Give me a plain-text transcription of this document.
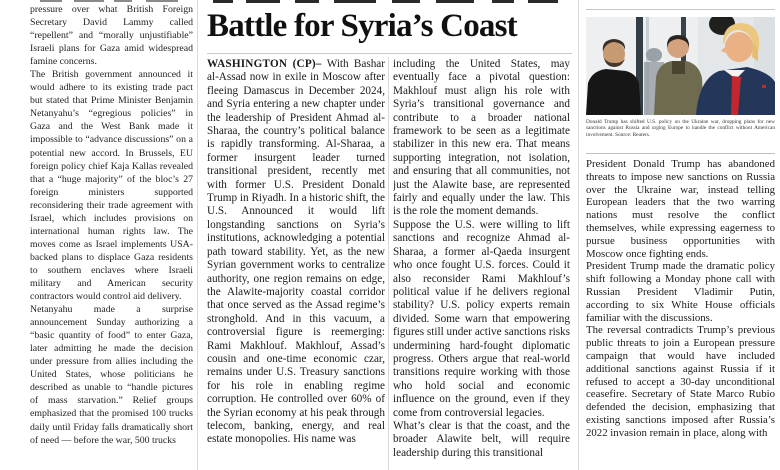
pressure over what British Foreign Secretary David Lammy called “repellent” and “morally unjustifiable” Israeli plans for Gaza amid widespread famine concerns.

The British government announced it would adhere to its existing trade pact but stated that Prime Minister Benjamin Netanyahu’s “egregious policies” in Gaza and the West Bank made it impossible to “advance discussions” on a potential new accord. In Brussels, EU foreign policy chief Kaja Kallas revealed that a “huge majority” of the bloc’s 27 foreign ministers supported reconsidering their trade agreement with Israel, which includes provisions on international human rights law. The moves come as Israel implements USA-backed plans to displace Gaza residents to southern enclaves where Israeli military and American security contractors would control aid delivery.

Netanyahu made a surprise announcement Sunday authorizing a “basic quantity of food” to enter Gaza, later admitting he made the decision under pressure from allies including the United States, whose politicians he described as unable to “handle pictures of mass starvation.” Relief groups emphasized that the promised 100 trucks daily until Friday falls dramatically short of need — before the war, 500 trucks

Battle for Syria’s Coast

WASHINGTON (CP)– With Bashar al-Assad now in exile in Moscow after fleeing Damascus in December 2024, and Syria entering a new chapter under the leadership of President Ahmad al-Sharaa, the country’s political balance is rapidly transforming. Al-Sharaa, a former insurgent leader turned transitional president, recently met with former U.S. President Donald Trump in Riyadh. In a historic shift, the U.S. Announced it would lift longstanding sanctions on Syria’s institutions, acknowledging a potential path toward stability. Yet, as the new Syrian government works to centralize authority, one region remains on edge, the Alawite-majority coastal corridor that once served as the Assad regime’s stronghold. And in this vacuum, a controversial figure is reemerging: Rami Makhlouf. Makhlouf, Assad’s cousin and one-time economic czar, remains under U.S. Treasury sanctions for his role in enabling regime corruption. He controlled over 60% of the Syrian economy at his peak through telecom, banking, energy, and real estate monopolies. His name was

including the United States, may eventually face a pivotal question: Makhlouf must align his role with Syria’s transitional governance and contribute to a broader national framework to be seen as a legitimate stabilizer in this new era. That means supporting integration, not isolation, and ensuring that all communities, not just the Alawite base, are represented fairly and equally under the law. This is the role the moment demands.

Suppose the U.S. were willing to lift sanctions and recognize Ahmad al-Sharaa, a former al-Qaeda insurgent who once fought U.S. forces. Could it also reconsider Rami Makhlouf’s political value if he delivers regional stability? U.S. policy experts remain divided. Some warn that empowering figures still under active sanctions risks undermining hard-fought diplomatic progress. Others argue that real-world transitions require working with those who hold social and economic influence on the ground, even if they come from controversial legacies.

What’s clear is that the coast, and the broader Alawite belt, will require leadership during this transitional

Donald Trump has shifted U.S. policy on the Ukraine war, dropping plans for new sanctions against Russia and urging Europe to handle the conflict without American involvement. Source: Reuters.

President Donald Trump has abandoned threats to impose new sanctions on Russia over the Ukraine war, instead telling European leaders that the two warring nations must resolve the conflict themselves, while expressing eagerness to pursue business opportunities with Moscow once fighting ends.

President Trump made the dramatic policy shift following a Monday phone call with Russian President Vladimir Putin, according to six White House officials familiar with the discussions.

The reversal contradicts Trump’s previous public threats to join a European pressure campaign that would have included additional sanctions against Russia if it refused to accept a 30-day unconditional ceasefire. Secretary of State Marco Rubio defended the decision, emphasizing that existing sanctions imposed after Russia’s 2022 invasion remain in place, along with
